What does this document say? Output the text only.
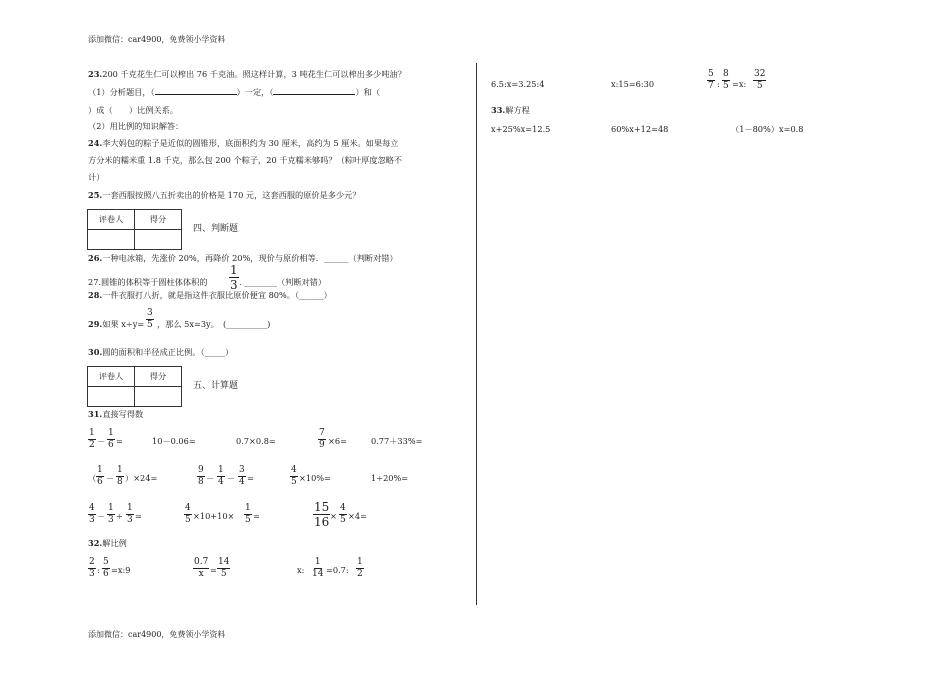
添加微信：car4900，免费领小学资料
添加微信：car4900，免费领小学资料
23.200 千克花生仁可以榨出 76 千克油。照这样计算，3 吨花生仁可以榨出多少吨油？
（1）分析题目，（	）一定，（	）和（
）成（　　）比例关系。
（2）用比例的知识解答：
24.李大妈包的粽子是近似的圆锥形，底面积约为 30 厘米，高约为 5 厘米。如果每立
方分米的糯米重 1.8 千克，那么包 200 个粽子，20 千克糯米够吗？（粽叶厚度忽略不
计）
25.一套西服按照八五折卖出的价格是 170 元，这套西服的原价是多少元？
评卷人	得分

四、判断题
26.一种电冰箱，先涨价 20%，再降价 20%，现价与原价相等．______（判断对错）
27.圆锥的体积等于圆柱体体积的 $\frac{1}{3}$ . ________（判断对错）
28.一件衣服打八折，就是指这件衣服比原价便宜 80%。（______）
29.如果 $x\div y= \frac{3}{5}$ ，那么 5x=3y。　(__________)
30.圆的面积和半径成正比例。（_____）
评卷人	得分

五、计算题
31.直接写得数
$\frac{1}{2} - \frac{1}{6}$ =	10－0.06=	0.7×0.8=	$\frac{7}{9} \times 6=$	0.77＋33%=
（ $\frac{1}{6} - \frac{1}{8} )\times 24=$	$\frac{9}{8} - \frac{1}{4} - \frac{3}{4}$ =	$\frac{4}{5} \times 10\%=$	1÷20%=
$\frac{4}{3} - \frac{1}{3} \div \frac{1}{3}$ =	$\frac{4}{5} \times 10+10\times \frac{1}{5}$ =	$\frac{15}{16} \times \frac{4}{5} \times 4=$
32.解比例
$\frac{2}{3}$ : $\frac{5}{6}$ =x:9	$\frac{0.7}{x} = \frac{14}{5}$	x: $\frac{1}{14} =0.7$: $\frac{1}{2}$
6.5:x=3.25:4	x:15=6:30	$\frac{5}{7}$ : $\frac{8}{5} =x$: $\frac{32}{5}$
33.解方程
x+25%x=12.5	60%x+12=48	（1－80%）x=0.8
